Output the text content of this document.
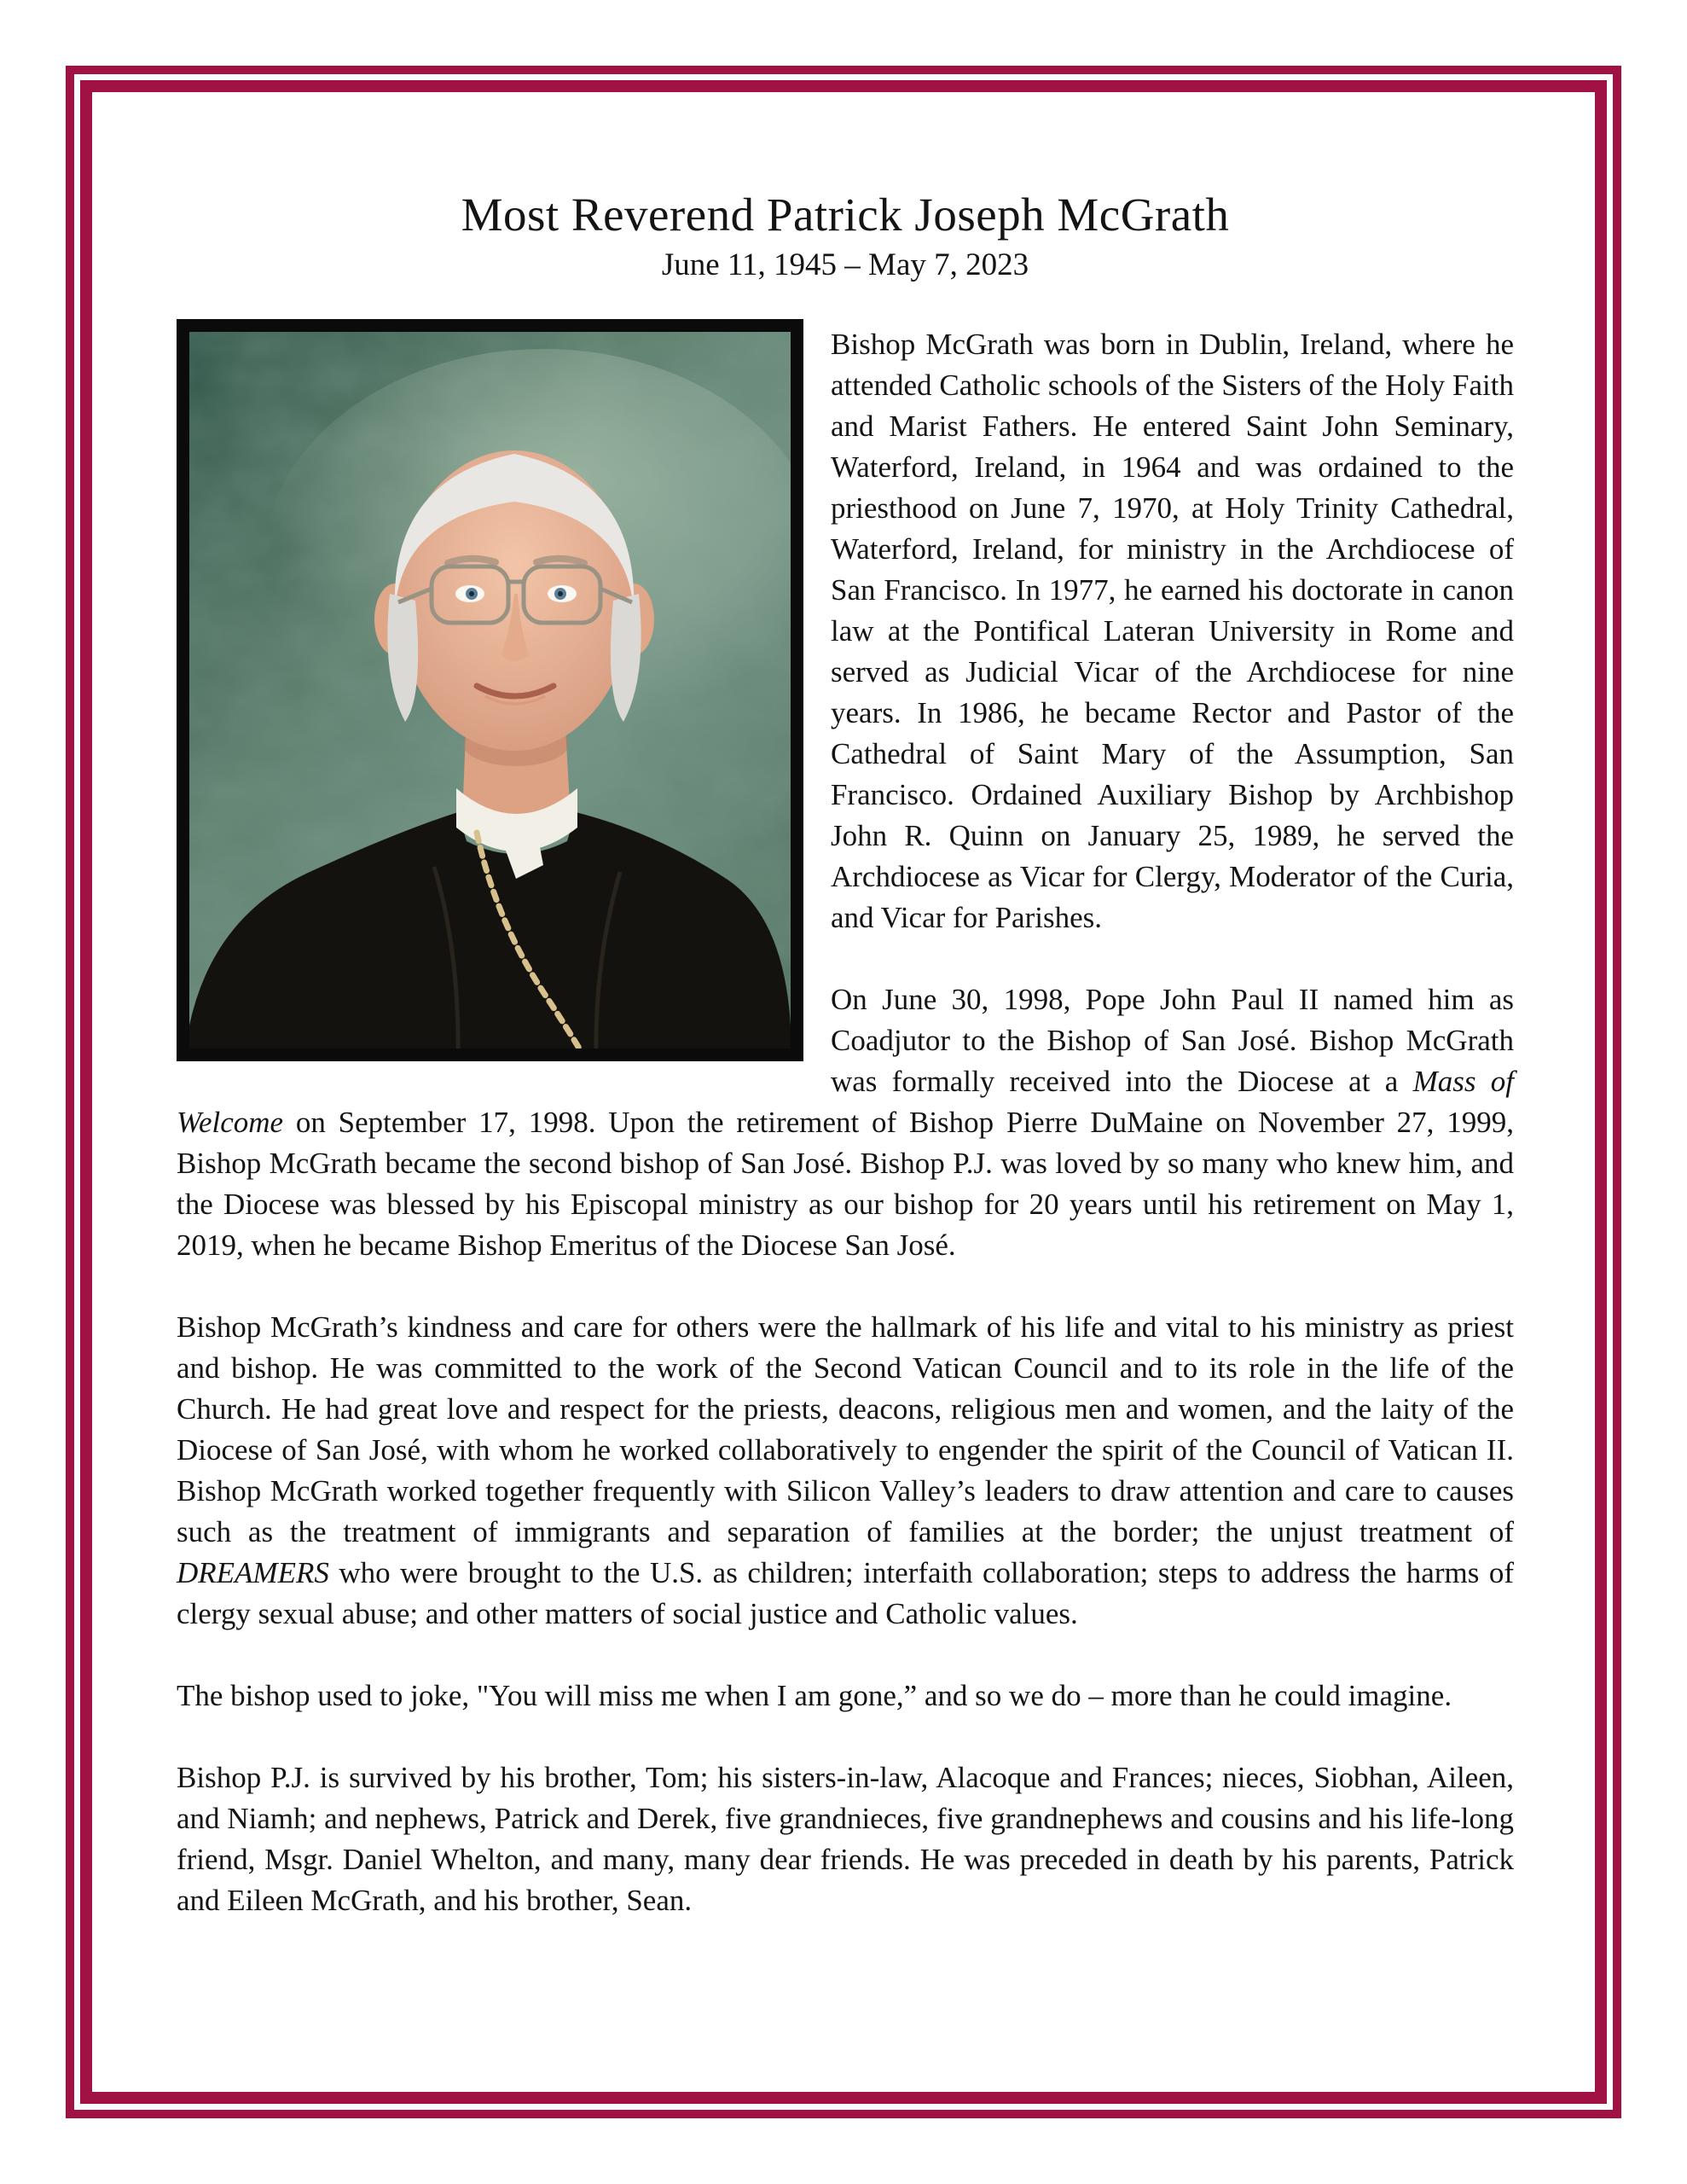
Most Reverend Patrick Joseph McGrath
June 11, 1945 – May 7, 2023

Bishop McGrath was born in Dublin, Ireland, where he attended Catholic schools of the Sisters of the Holy Faith and Marist Fathers. He entered Saint John Seminary, Waterford, Ireland, in 1964 and was ordained to the priesthood on June 7, 1970, at Holy Trinity Cathedral, Waterford, Ireland, for ministry in the Archdiocese of San Francisco. In 1977, he earned his doctorate in canon law at the Pontifical Lateran University in Rome and served as Judicial Vicar of the Archdiocese for nine years. In 1986, he became Rector and Pastor of the Cathedral of Saint Mary of the Assumption, San Francisco. Ordained Auxiliary Bishop by Archbishop John R. Quinn on January 25, 1989, he served the Archdiocese as Vicar for Clergy, Moderator of the Curia, and Vicar for Parishes.

On June 30, 1998, Pope John Paul II named him as Coadjutor to the Bishop of San José. Bishop McGrath was formally received into the Diocese at a Mass of Welcome on September 17, 1998. Upon the retirement of Bishop Pierre DuMaine on November 27, 1999, Bishop McGrath became the second bishop of San José. Bishop P.J. was loved by so many who knew him, and the Diocese was blessed by his Episcopal ministry as our bishop for 20 years until his retirement on May 1, 2019, when he became Bishop Emeritus of the Diocese San José.

Bishop McGrath’s kindness and care for others were the hallmark of his life and vital to his ministry as priest and bishop. He was committed to the work of the Second Vatican Council and to its role in the life of the Church. He had great love and respect for the priests, deacons, religious men and women, and the laity of the Diocese of San José, with whom he worked collaboratively to engender the spirit of the Council of Vatican II. Bishop McGrath worked together frequently with Silicon Valley’s leaders to draw attention and care to causes such as the treatment of immigrants and separation of families at the border; the unjust treatment of DREAMERS who were brought to the U.S. as children; interfaith collaboration; steps to address the harms of clergy sexual abuse; and other matters of social justice and Catholic values.

The bishop used to joke, "You will miss me when I am gone,” and so we do – more than he could imagine.

Bishop P.J. is survived by his brother, Tom; his sisters-in-law, Alacoque and Frances; nieces, Siobhan, Aileen, and Niamh; and nephews, Patrick and Derek, five grandnieces, five grandnephews and cousins and his life-long friend, Msgr. Daniel Whelton, and many, many dear friends. He was preceded in death by his parents, Patrick and Eileen McGrath, and his brother, Sean.
